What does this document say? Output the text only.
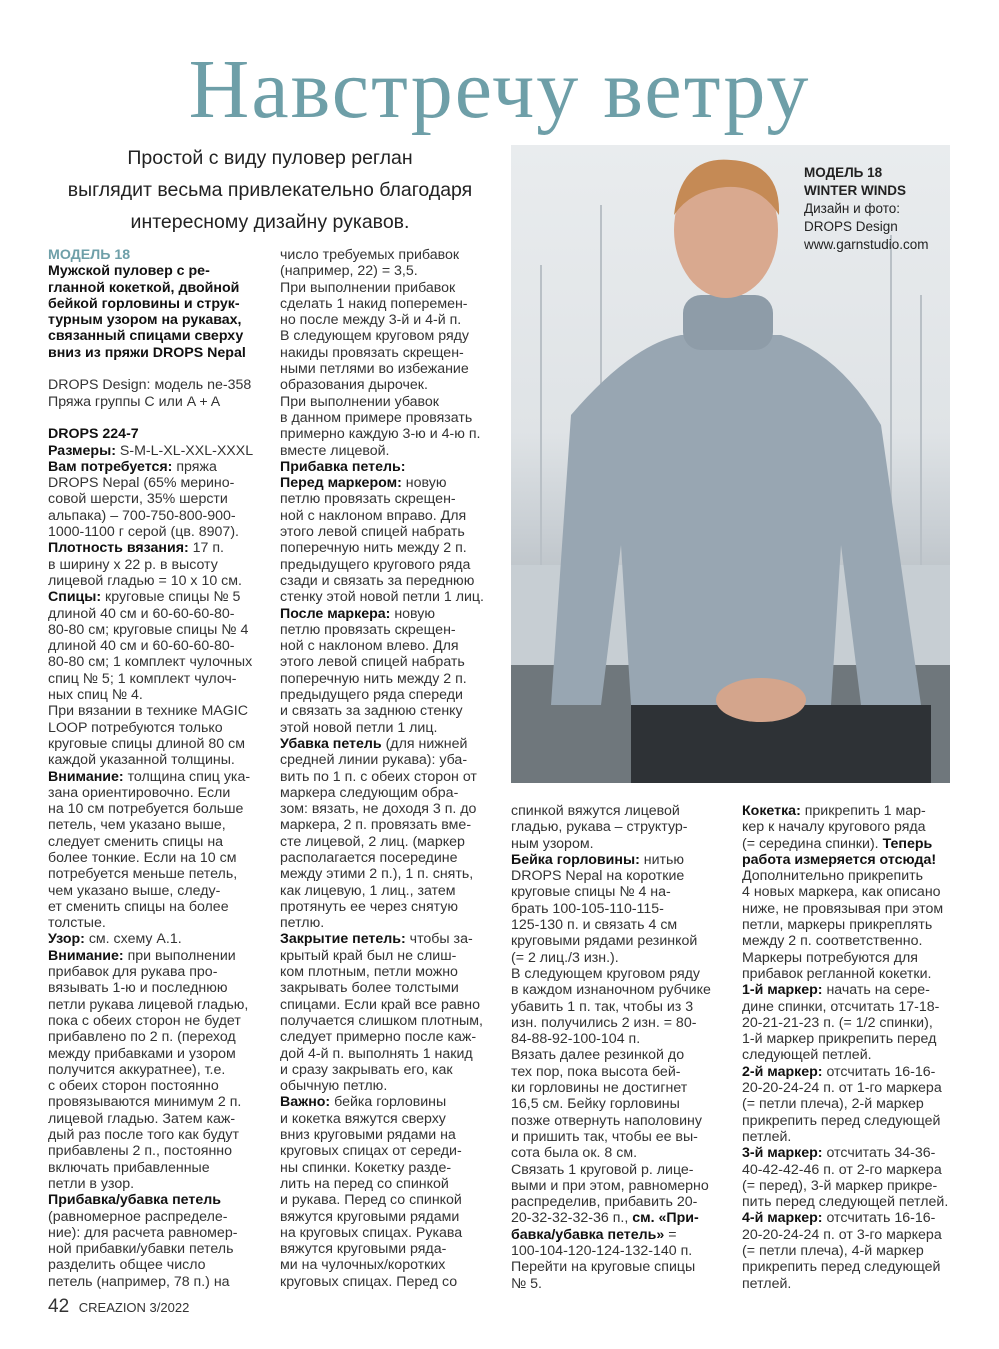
Навстречу ветру
Простой с виду пуловер реглан
выглядит весьма привлекательно благодаря
интересному дизайну рукавов.
МОДЕЛЬ 18
WINTER WINDS
Дизайн и фото:
DROPS Design
www.garnstudio.com
МОДЕЛЬ 18
Мужской пуловер с ре-
гланной кокеткой, двойной
бейкой горловины и струк-
турным узором на рукавах,
связанный спицами сверху
вниз из пряжи DROPS Nepal
DROPS Design: модель ne-358
Пряжа группы С или A + A
DROPS 224-7
Размеры: S-M-L-XL-XXL-XXXL
Вам потребуется: пряжа
DROPS Nepal (65% мерино-
совой шерсти, 35% шерсти
альпака) – 700-750-800-900-
1000-1100 г серой (цв. 8907).
Плотность вязания: 17 п.
в ширину х 22 р. в высоту
лицевой гладью = 10 х 10 см.
Спицы: круговые спицы № 5
длиной 40 см и 60-60-60-80-
80-80 см; круговые спицы № 4
длиной 40 см и 60-60-60-80-
80-80 см; 1 комплект чулочных
спиц № 5; 1 комплект чулоч-
ных спиц № 4.
При вязании в технике MAGIC
LOOP потребуются только
круговые спицы длиной 80 см
каждой указанной толщины.
Внимание: толщина спиц ука-
зана ориентировочно. Если
на 10 см потребуется больше
петель, чем указано выше,
следует сменить спицы на
более тонкие. Если на 10 см
потребуется меньше петель,
чем указано выше, следу-
ет сменить спицы на более
толстые.
Узор: см. схему А.1.
Внимание: при выполнении
прибавок для рукава про-
вязывать 1-ю и последнюю
петли рукава лицевой гладью,
пока с обеих сторон не будет
прибавлено по 2 п. (переход
между прибавками и узором
получится аккуратнее), т.е.
с обеих сторон постоянно
провязываются минимум 2 п.
лицевой гладью. Затем каж-
дый раз после того как будут
прибавлены 2 п., постоянно
включать прибавленные
петли в узор.
Прибавка/убавка петель
(равномерное распределе-
ние): для расчета равномер-
ной прибавки/убавки петель
разделить общее число
петель (например, 78 п.) на
число требуемых прибавок
(например, 22) = 3,5.
При выполнении прибавок
сделать 1 накид поперемен-
но после между 3-й и 4-й п.
В следующем круговом ряду
накиды провязать скрещен-
ными петлями во избежание
образования дырочек.
При выполнении убавок
в данном примере провязать
примерно каждую 3-ю и 4-ю п.
вместе лицевой.
Прибавка петель:
Перед маркером: новую
петлю провязать скрещен-
ной с наклоном вправо. Для
этого левой спицей набрать
поперечную нить между 2 п.
предыдущего кругового ряда
сзади и связать за переднюю
стенку этой новой петли 1 лиц.
После маркера: новую
петлю провязать скрещен-
ной с наклоном влево. Для
этого левой спицей набрать
поперечную нить между 2 п.
предыдущего ряда спереди
и связать за заднюю стенку
этой новой петли 1 лиц.
Убавка петель (для нижней
средней линии рукава): уба-
вить по 1 п. с обеих сторон от
маркера следующим обра-
зом: вязать, не доходя 3 п. до
маркера, 2 п. провязать вме-
сте лицевой, 2 лиц. (маркер
располагается посередине
между этими 2 п.), 1 п. снять,
как лицевую, 1 лиц., затем
протянуть ее через снятую
петлю.
Закрытие петель: чтобы за-
крытый край был не слиш-
ком плотным, петли можно
закрывать более толстыми
спицами. Если край все равно
получается слишком плотным,
следует примерно после каж-
дой 4-й п. выполнять 1 накид
и сразу закрывать его, как
обычную петлю.
Важно: бейка горловины
и кокетка вяжутся сверху
вниз круговыми рядами на
круговых спицах от середи-
ны спинки. Кокетку разде-
лить на перед со спинкой
и рукава. Перед со спинкой
вяжутся круговыми рядами
на круговых спицах. Рукава
вяжутся круговыми ряда-
ми на чулочных/коротких
круговых спицах. Перед со
спинкой вяжутся лицевой
гладью, рукава – структур-
ным узором.
Бейка горловины: нитью
DROPS Nepal на короткие
круговые спицы № 4 на-
брать 100-105-110-115-
125-130 п. и связать 4 см
круговыми рядами резинкой
(= 2 лиц./3 изн.).
В следующем круговом ряду
в каждом изнаночном рубчике
убавить 1 п. так, чтобы из 3
изн. получились 2 изн. = 80-
84-88-92-100-104 п.
Вязать далее резинкой до
тех пор, пока высота бей-
ки горловины не достигнет
16,5 см. Бейку горловины
позже отвернуть наполовину
и пришить так, чтобы ее вы-
сота была ок. 8 см.
Связать 1 круговой р. лице-
выми и при этом, равномерно
распределив, прибавить 20-
20-32-32-32-36 п., см. «При-
бавка/убавка петель» =
100-104-120-124-132-140 п.
Перейти на круговые спицы
№ 5.
Кокетка: прикрепить 1 мар-
кер к началу кругового ряда
(= середина спинки). Теперь
работа измеряется отсюда!
Дополнительно прикрепить
4 новых маркера, как описано
ниже, не провязывая при этом
петли, маркеры прикреплять
между 2 п. соответственно.
Маркеры потребуются для
прибавок регланной кокетки.
1-й маркер: начать на сере-
дине спинки, отсчитать 17-18-
20-21-21-23 п. (= 1/2 спинки),
1-й маркер прикрепить перед
следующей петлей.
2-й маркер: отсчитать 16-16-
20-20-24-24 п. от 1-го маркера
(= петли плеча), 2-й маркер
прикрепить перед следующей
петлей.
3-й маркер: отсчитать 34-36-
40-42-42-46 п. от 2-го маркера
(= перед), 3-й маркер прикре-
пить перед следующей петлей.
4-й маркер: отсчитать 16-16-
20-20-24-24 п. от 3-го маркера
(= петли плеча), 4-й маркер
прикрепить перед следующей
петлей.
42 CREAZION 3/2022
